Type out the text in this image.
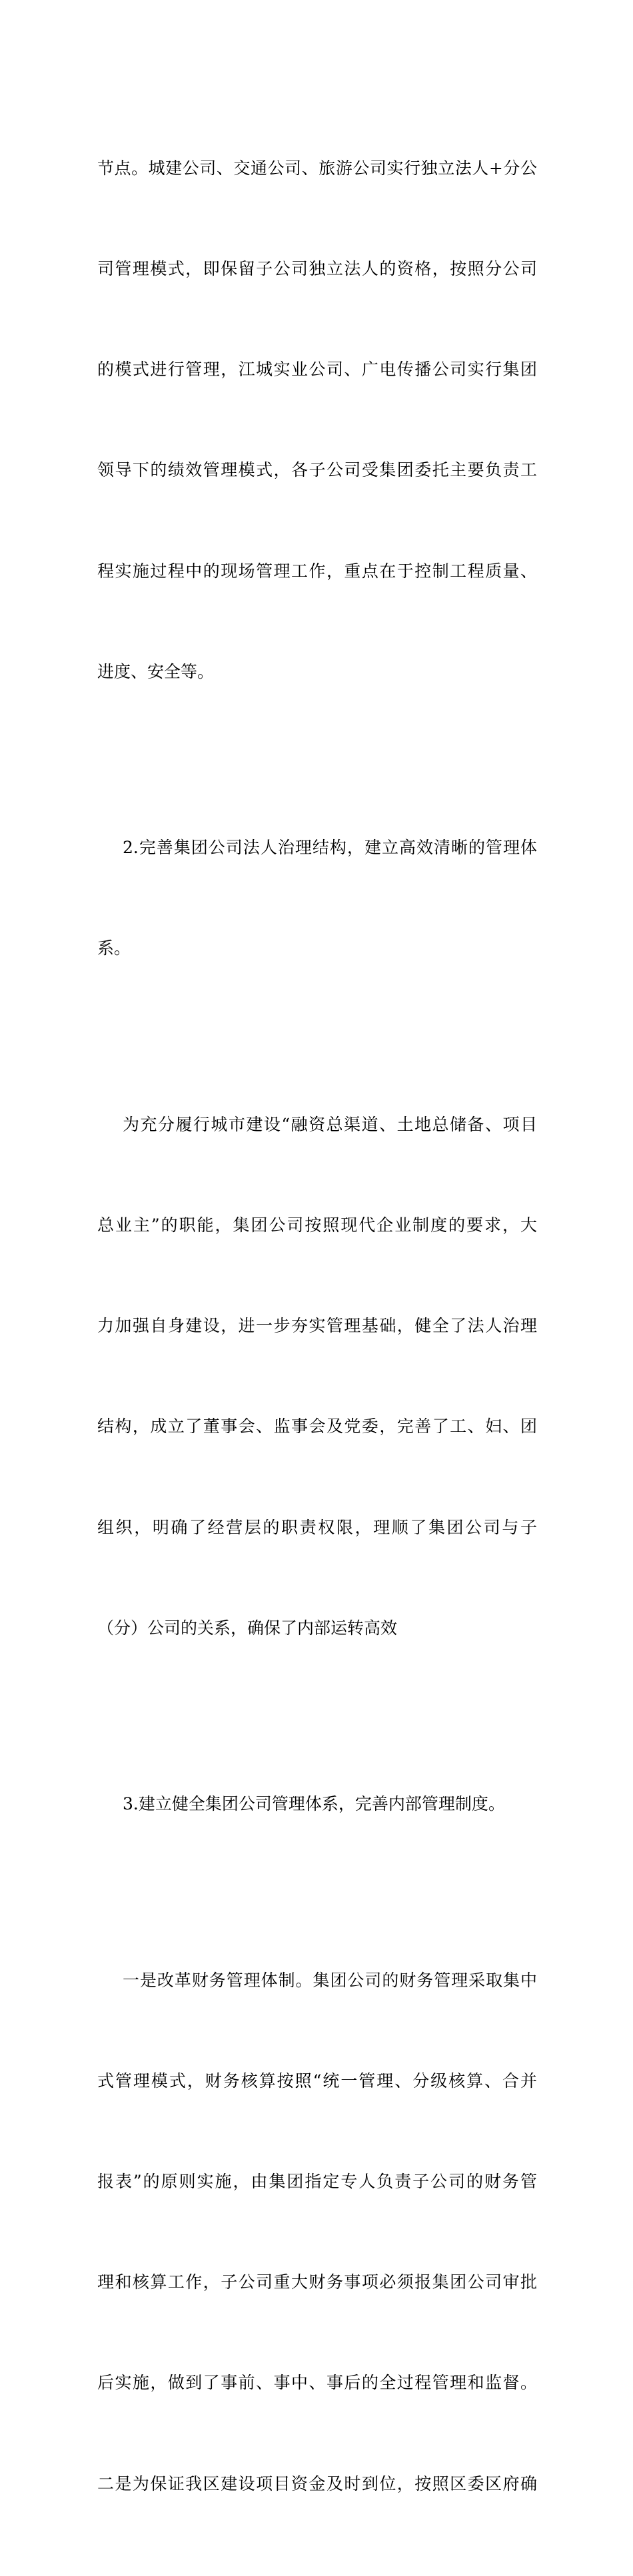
节点。城建公司、交通公司、旅游公司实行独立法人+分公

司管理模式，即保留子公司独立法人的资格，按照分公司

的模式进行管理，江城实业公司、广电传播公司实行集团

领导下的绩效管理模式，各子公司受集团委托主要负责工

程实施过程中的现场管理工作，重点在于控制工程质量、

进度、安全等。

2.完善集团公司法人治理结构，建立高效清晰的管理体

系。

为充分履行城市建设“融资总渠道、土地总储备、项目

总业主”的职能，集团公司按照现代企业制度的要求，大

力加强自身建设，进一步夯实管理基础，健全了法人治理

结构，成立了董事会、监事会及党委，完善了工、妇、团

组织，明确了经营层的职责权限，理顺了集团公司与子

（分）公司的关系，确保了内部运转高效

3.建立健全集团公司管理体系，完善内部管理制度。

一是改革财务管理体制。集团公司的财务管理采取集中

式管理模式，财务核算按照“统一管理、分级核算、合并

报表”的原则实施，由集团指定专人负责子公司的财务管

理和核算工作，子公司重大财务事项必须报集团公司审批

后实施，做到了事前、事中、事后的全过程管理和监督。

二是为保证我区建设项目资金及时到位，按照区委区府确
